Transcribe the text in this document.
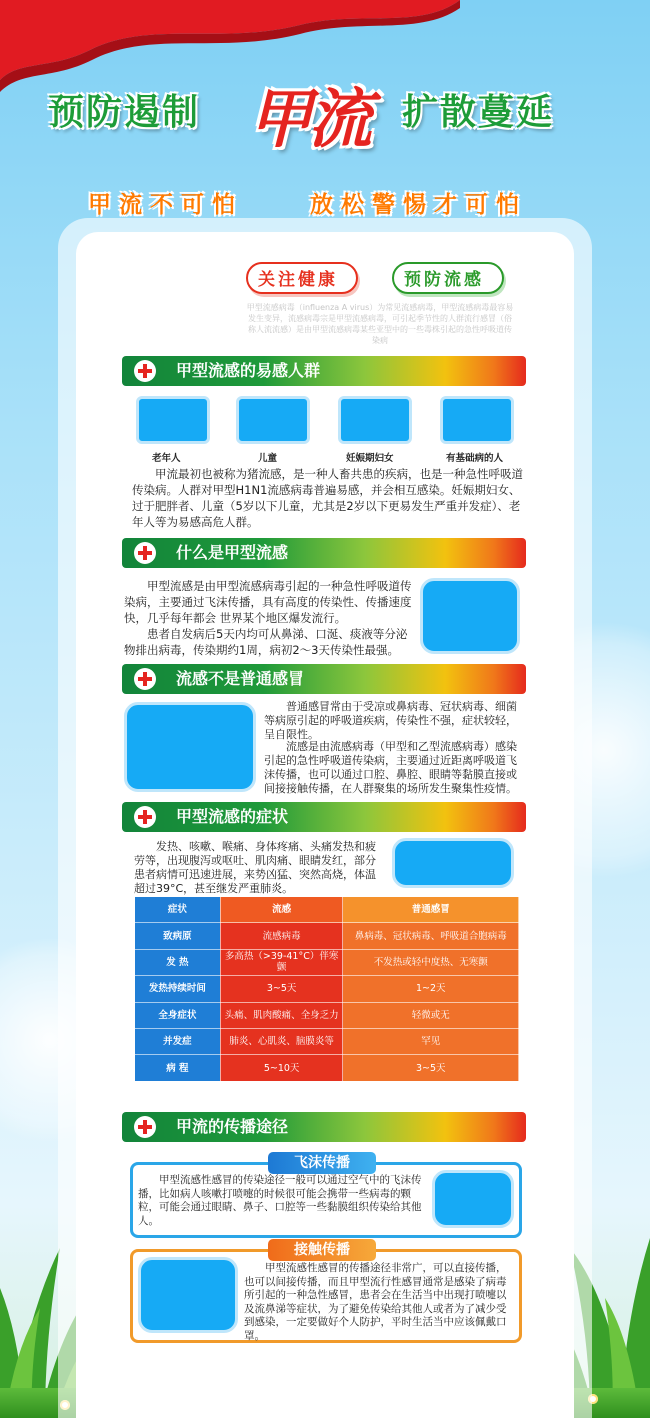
预防遏制 甲流 扩散蔓延
甲流不可怕	放松警惕才可怕
关注健康	预防流感
甲型流感病毒（influenza A virus）为常见流感病毒，甲型流感病毒最容易发生变异，流感病毒宗是甲型流感病毒，可引起季节性的人群流行感冒（俗称人流流感）是由甲型流感病毒某些亚型中的一些毒株引起的急性呼吸道传染病
甲型流感的易感人群
老年人	儿童	妊娠期妇女	有基础病的人
甲流最初也被称为猪流感，是一种人畜共患的疾病，也是一种急性呼吸道传染病。人群对甲型H1N1流感病毒普遍易感，并会相互感染。妊娠期妇女、过于肥胖者、儿童（5岁以下儿童，尤其是2岁以下更易发生严重并发症）、老年人等为易感高危人群。
什么是甲型流感
甲型流感是由甲型流感病毒引起的一种急性呼吸道传染病，主要通过飞沫传播，具有高度的传染性、传播速度快，几乎每年都会 世界某个地区爆发流行。
患者自发病后5天内均可从鼻涕、口涎、痰液等分泌物排出病毒，传染期约1周，病初2～3天传染性最强。
流感不是普通感冒
普通感冒常由于受凉或鼻病毒、冠状病毒、细菌等病原引起的呼吸道疾病，传染性不强，症状较轻，呈自限性。
流感是由流感病毒（甲型和乙型流感病毒）感染引起的急性呼吸道传染病，主要通过近距离呼吸道飞沫传播，也可以通过口腔、鼻腔、眼睛等黏膜直接或间接接触传播，在人群聚集的场所发生聚集性疫情。
甲型流感的症状
发热、咳嗽、喉痛、身体疼痛、头痛发热和疲劳等，出现腹泻或呕吐、肌肉痛、眼睛发红，部分患者病情可迅速进展，来势凶猛、突然高烧，体温超过39°C，甚至继发严重肺炎。
症状	流感	普通感冒
致病原	流感病毒	鼻病毒、冠状病毒、呼吸道合胞病毒
发 热	多高热（>39-41°C）伴寒颤	不发热或轻中度热、无寒颤
发热持续时间	3~5天	1~2天
全身症状	头痛、肌肉酸痛、全身乏力	轻微或无
并发症	肺炎、心肌炎、脑膜炎等	罕见
病 程	5~10天	3~5天
甲流的传播途径
飞沫传播
甲型流感性感冒的传染途径一般可以通过空气中的飞沫传播，比如病人咳嗽打喷嚏的时候很可能会携带一些病毒的颗粒，可能会通过眼睛、鼻子、口腔等一些黏膜组织传染给其他人。
接触传播
甲型流感性感冒的传播途径非常广，可以直接传播，也可以间接传播，而且甲型流行性感冒通常是感染了病毒所引起的一种急性感冒，患者会在生活当中出现打喷嚏以及流鼻涕等症状，为了避免传染给其他人或者为了减少受到感染，一定要做好个人防护，平时生活当中应该佩戴口罩。
